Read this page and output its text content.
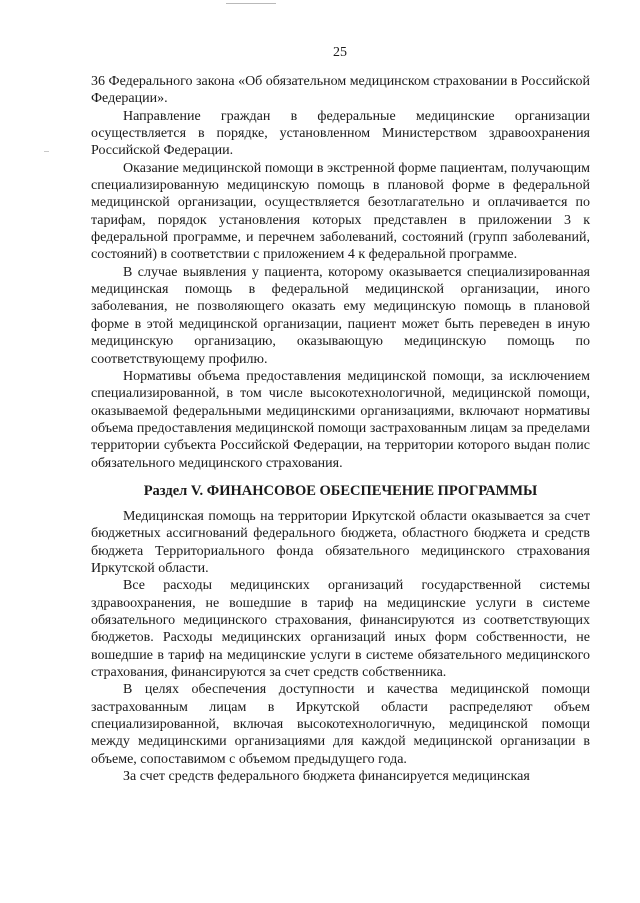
25

36 Федерального закона «Об обязательном медицинском страховании в Российской Федерации».

Направление граждан в федеральные медицинские организации осуществляется в порядке, установленном Министерством здравоохранения Российской Федерации.

Оказание медицинской помощи в экстренной форме пациентам, получающим специализированную медицинскую помощь в плановой форме в федеральной медицинской организации, осуществляется безотлагательно и оплачивается по тарифам, порядок установления которых представлен в приложении 3 к федеральной программе, и перечнем заболеваний, состояний (групп заболеваний, состояний) в соответствии с приложением 4 к федеральной программе.

В случае выявления у пациента, которому оказывается специализированная медицинская помощь в федеральной медицинской организации, иного заболевания, не позволяющего оказать ему медицинскую помощь в плановой форме в этой медицинской организации, пациент может быть переведен в иную медицинскую организацию, оказывающую медицинскую помощь по соответствующему профилю.

Нормативы объема предоставления медицинской помощи, за исключением специализированной, в том числе высокотехнологичной, медицинской помощи, оказываемой федеральными медицинскими организациями, включают нормативы объема предоставления медицинской помощи застрахованным лицам за пределами территории субъекта Российской Федерации, на территории которого выдан полис обязательного медицинского страхования.

Раздел V. ФИНАНСОВОЕ ОБЕСПЕЧЕНИЕ ПРОГРАММЫ

Медицинская помощь на территории Иркутской области оказывается за счет бюджетных ассигнований федерального бюджета, областного бюджета и средств бюджета Территориального фонда обязательного медицинского страхования Иркутской области.

Все расходы медицинских организаций государственной системы здравоохранения, не вошедшие в тариф на медицинские услуги в системе обязательного медицинского страхования, финансируются из соответствующих бюджетов. Расходы медицинских организаций иных форм собственности, не вошедшие в тариф на медицинские услуги в системе обязательного медицинского страхования, финансируются за счет средств собственника.

В целях обеспечения доступности и качества медицинской помощи застрахованным лицам в Иркутской области распределяют объем специализированной, включая высокотехнологичную, медицинской помощи между медицинскими организациями для каждой медицинской организации в объеме, сопоставимом с объемом предыдущего года.

За счет средств федерального бюджета финансируется медицинская
